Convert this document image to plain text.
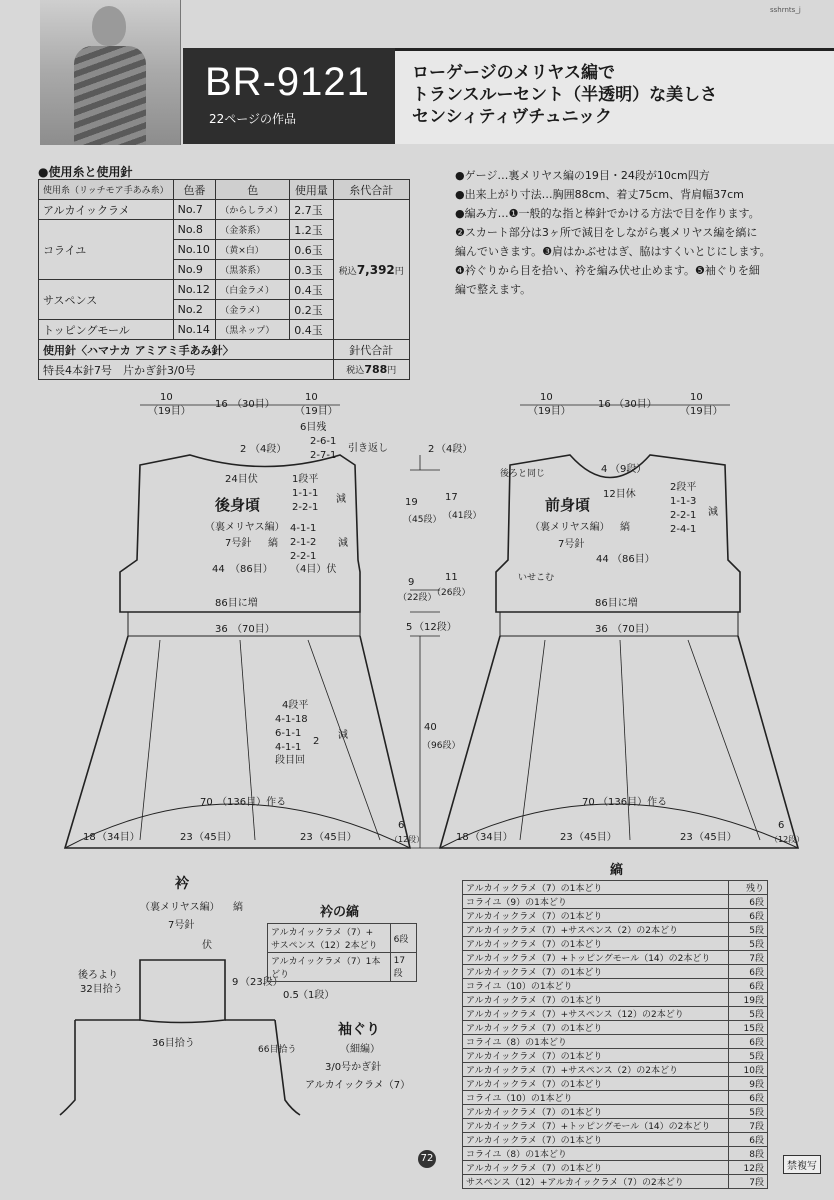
sshrnts_j
BR-9121
22ページの作品
ローゲージのメリヤス編で
トランスルーセント（半透明）な美しさ
センシィティヴチュニック
●使用糸と使用針
使用糸（リッチモア手あみ糸）	色番	色	使用量	糸代合計
アルカイックラメ	No.7	（からしラメ）	2.7玉	税込7,392円
コライユ	No.8	（金茶系）	1.2玉	
	No.10	（黄×白）	0.6玉	
	No.9	（黒茶系）	0.3玉	
サスペンス	No.12	（白金ラメ）	0.4玉	
	No.2	（金ラメ）	0.2玉	
トッピングモール	No.14	（黒ネップ）	0.4玉	
使用針〈ハマナカ アミアミ手あみ針〉				針代合計
特長4本針7号　片かぎ針3/0号				税込788円

●ゲージ…裏メリヤス編の19目・24段が10cm四方

●出来上がり寸法…胸囲88cm、着丈75cm、背肩幅37cm

●編み方…❶一般的な指と棒針でかける方法で目を作ります。

❷スカート部分は3ヶ所で減目をしながら裏メリヤス編を縞に

編んでいきます。❸肩はかぶせはぎ、脇はすくいとじにします。

❹衿ぐりから目を拾い、衿を編み伏せ止めます。❺袖ぐりを細

編で整えます。

10
（19目）
16 （30目）
10
（19目）
6目残
2-6-1
2-7-1
引き返し
2 （4段）
24目伏	1段平
1-1-1
2-2-1
減
後身頃
（裏メリヤス編）
7号針 縞
4-1-1
2-1-2
2-2-1
減
44 （86目） （4目）伏
86目に増
36 （70目）
4段平
4-1-18
6-1-1
4-1-1
段目回
2
減
70 （136目）作る
18 （34目）	23 （45目）	23 （45目）
6
（12段）
2 （4段）
19
（45段）
17
（41段）
9
（22段）
11
（26段）
5 （12段）
40
（96段）
10
（19目）
16 （30目）
10
（19目）
4 （9段）
後ろと同じ
12目休
2段平
1-1-3
2-2-1
2-4-1
減
前身頃
（裏メリヤス編） 縞
7号針
44 （86目）
いせこむ
86目に増
36 （70目）
70 （136目）作る
18 （34目）	23 （45目）	23 （45目）
6
（12段）
衿
（裏メリヤス編） 縞
7号針
伏
後ろより
32目拾う
9 （23段）
36目拾う
0.5 （1段）
衿の縞
袖ぐり
（細編）
3/0号かぎ針
アルカイックラメ（7）
66目拾う
縞
アルカイックラメ（7）+
サスペンス（12）2本どり	6段
アルカイックラメ（7）1本どり	17段
アルカイックラメ（7）の1本どり	残り
コライユ（9）の1本どり	6段
アルカイックラメ（7）の1本どり	6段
アルカイックラメ（7）+サスペンス（2）の2本どり	5段
アルカイックラメ（7）の1本どり	5段
アルカイックラメ（7）+トッピングモール（14）の2本どり	7段
アルカイックラメ（7）の1本どり	6段
コライユ（10）の1本どり	6段
アルカイックラメ（7）の1本どり	19段
アルカイックラメ（7）+サスペンス（12）の2本どり	5段
アルカイックラメ（7）の1本どり	15段
コライユ（8）の1本どり	6段
アルカイックラメ（7）の1本どり	5段
アルカイックラメ（7）+サスペンス（2）の2本どり	10段
アルカイックラメ（7）の1本どり	9段
コライユ（10）の1本どり	6段
アルカイックラメ（7）の1本どり	5段
アルカイックラメ（7）+トッピングモール（14）の2本どり	7段
アルカイックラメ（7）の1本どり	6段
コライユ（8）の1本どり	8段
アルカイックラメ（7）の1本どり	12段
サスペンス（12）+アルカイックラメ（7）の2本どり	7段
72
禁複写
